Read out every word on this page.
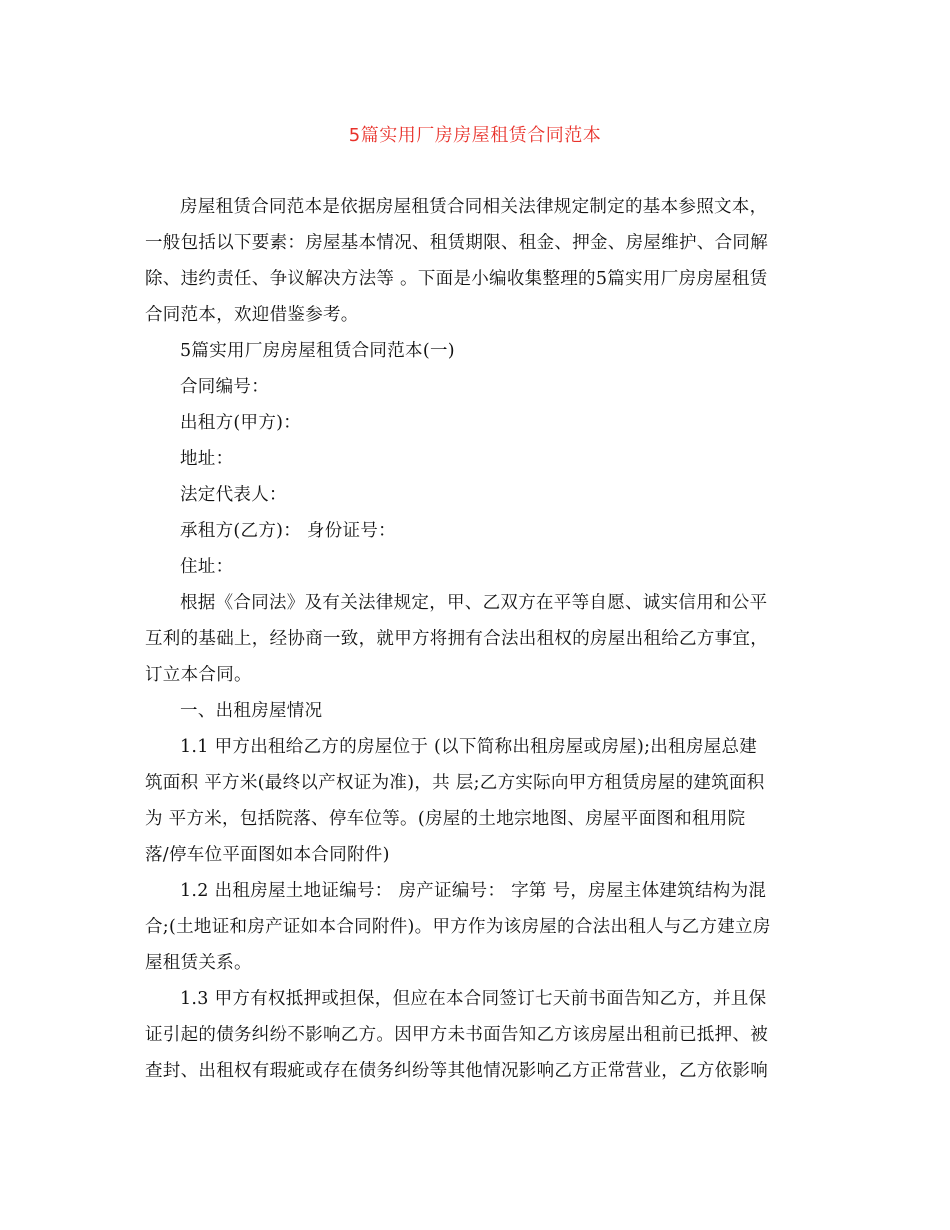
5篇实用厂房房屋租赁合同范本
房屋租赁合同范本是依据房屋租赁合同相关法律规定制定的基本参照文本，
一般包括以下要素：房屋基本情况、租赁期限、租金、押金、房屋维护、合同解
除、违约责任、争议解决方法等 。下面是小编收集整理的5篇实用厂房房屋租赁
合同范本，欢迎借鉴参考。
5篇实用厂房房屋租赁合同范本(一)
合同编号：
出租方(甲方)：
地址：
法定代表人：
承租方(乙方)： 身份证号：
住址：
根据《合同法》及有关法律规定，甲、乙双方在平等自愿、诚实信用和公平
互利的基础上，经协商一致，就甲方将拥有合法出租权的房屋出租给乙方事宜，
订立本合同。
一、出租房屋情况
1.1 甲方出租给乙方的房屋位于 (以下简称出租房屋或房屋);出租房屋总建
筑面积 平方米(最终以产权证为准)，共 层;乙方实际向甲方租赁房屋的建筑面积
为 平方米，包括院落、停车位等。(房屋的土地宗地图、房屋平面图和租用院
落/停车位平面图如本合同附件)
1.2 出租房屋土地证编号： 房产证编号： 字第 号，房屋主体建筑结构为混
合;(土地证和房产证如本合同附件)。甲方作为该房屋的合法出租人与乙方建立房
屋租赁关系。
1.3 甲方有权抵押或担保，但应在本合同签订七天前书面告知乙方，并且保
证引起的债务纠纷不影响乙方。因甲方未书面告知乙方该房屋出租前已抵押、被
查封、出租权有瑕疵或存在债务纠纷等其他情况影响乙方正常营业，乙方依影响
